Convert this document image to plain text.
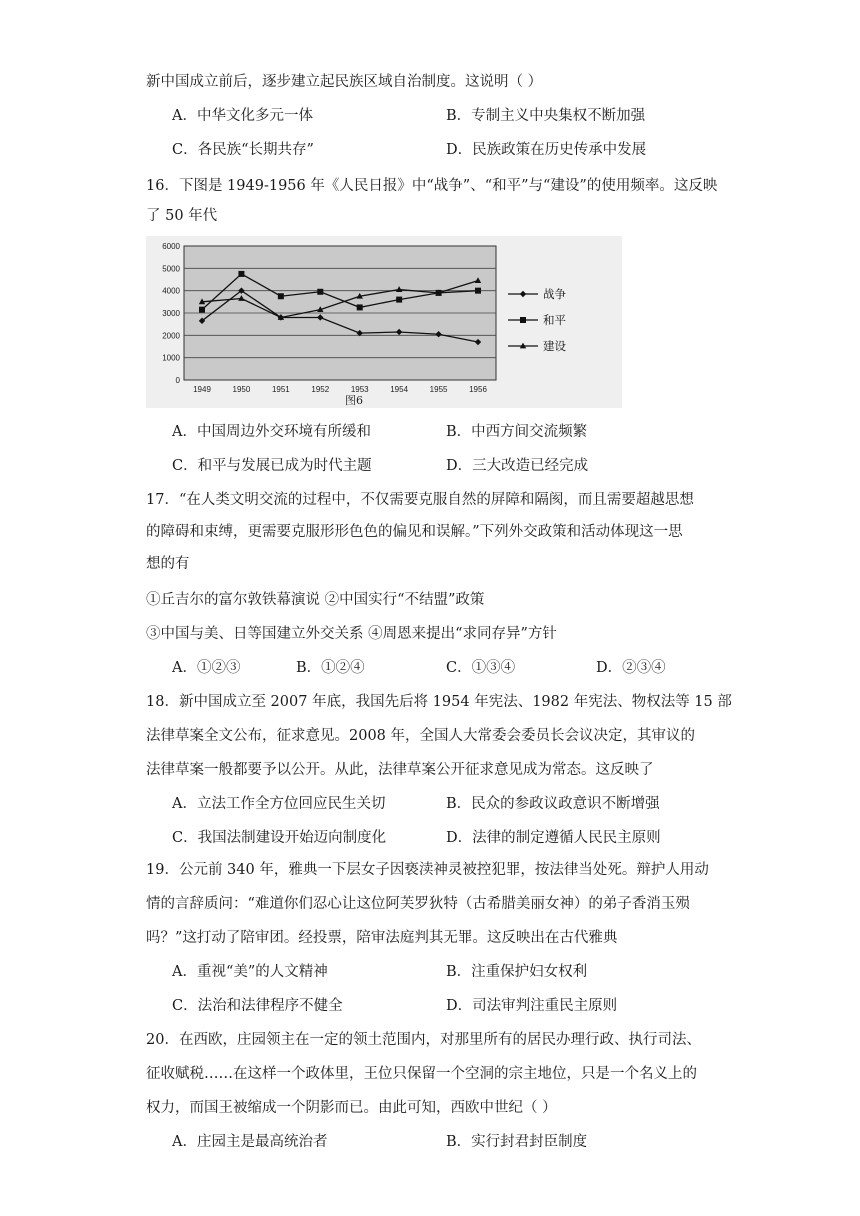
新中国成立前后，逐步建立起民族区域自治制度。这说明（ ）
A．中华文化多元一体	B．专制主义中央集权不断加强
C．各民族“长期共存”	D．民族政策在历史传承中发展
16．下图是 1949-1956 年《人民日报》中“战争”、“和平”与“建设”的使用频率。这反映
了 50 年代
0
1000
2000
3000
4000
5000
6000
1949	1950	1951	1952	1953	1954	1955	1956
图6
战争
和平
建设
A．中国周边外交环境有所缓和	B．中西方间交流频繁
C．和平与发展已成为时代主题	D．三大改造已经完成
17．“在人类文明交流的过程中，不仅需要克服自然的屏障和隔阂，而且需要超越思想
的障碍和束缚，更需要克服形形色色的偏见和误解。”下列外交政策和活动体现这一思
想的有
①丘吉尔的富尔敦铁幕演说 ②中国实行“不结盟”政策
③中国与美、日等国建立外交关系 ④周恩来提出“求同存异”方针
A．①②③	B．①②④	C．①③④	D．②③④
18．新中国成立至 2007 年底，我国先后将 1954 年宪法、1982 年宪法、物权法等 15 部
法律草案全文公布，征求意见。2008 年，全国人大常委会委员长会议决定，其审议的
法律草案一般都要予以公开。从此，法律草案公开征求意见成为常态。这反映了
A．立法工作全方位回应民生关切	B．民众的参政议政意识不断增强
C．我国法制建设开始迈向制度化	D．法律的制定遵循人民民主原则
19．公元前 340 年，雅典一下层女子因亵渎神灵被控犯罪，按法律当处死。辩护人用动
情的言辞质问：“难道你们忍心让这位阿芙罗狄特（古希腊美丽女神）的弟子香消玉殒
吗？”这打动了陪审团。经投票，陪审法庭判其无罪。这反映出在古代雅典
A．重视“美”的人文精神	B．注重保护妇女权利
C．法治和法律程序不健全	D．司法审判注重民主原则
20．在西欧，庄园领主在一定的领土范围内，对那里所有的居民办理行政、执行司法、
征收赋税……在这样一个政体里，王位只保留一个空洞的宗主地位，只是一个名义上的
权力，而国王被缩成一个阴影而已。由此可知，西欧中世纪（ ）
A．庄园主是最高统治者	B．实行封君封臣制度
